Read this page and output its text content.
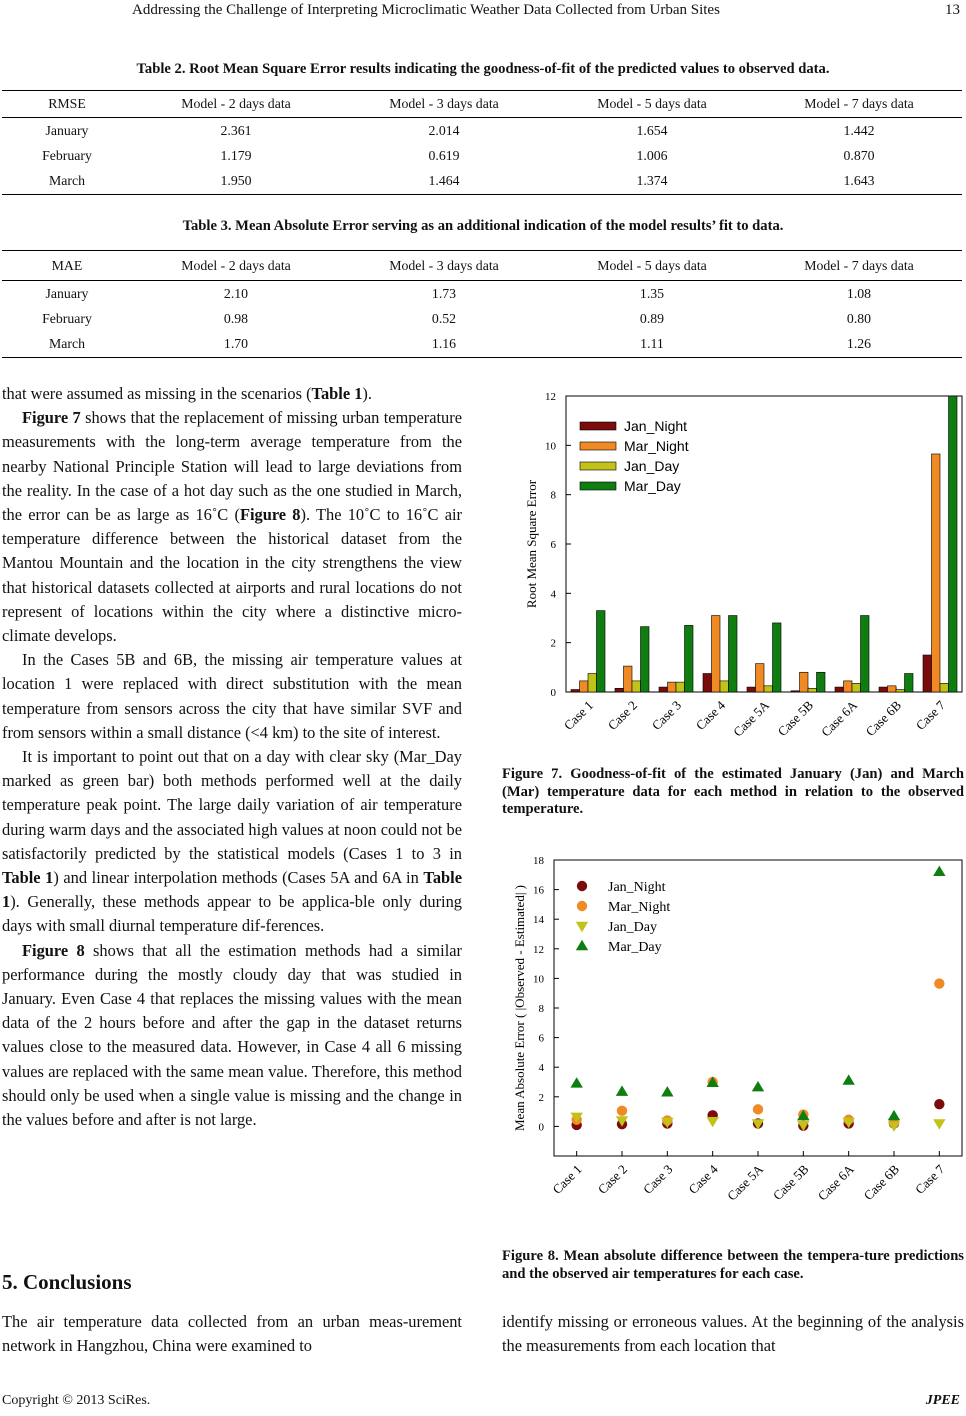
Addressing the Challenge of Interpreting Microclimatic Weather Data Collected from Urban Sites	13
Table 2. Root Mean Square Error results indicating the goodness-of-fit of the predicted values to observed data.
RMSE	Model - 2 days data	Model - 3 days data	Model - 5 days data	Model - 7 days data
January	2.361	2.014	1.654	1.442
February	1.179	0.619	1.006	0.870
March	1.950	1.464	1.374	1.643
Table 3. Mean Absolute Error serving as an additional indication of the model results’ fit to data.
MAE	Model - 2 days data	Model - 3 days data	Model - 5 days data	Model - 7 days data
January	2.10	1.73	1.35	1.08
February	0.98	0.52	0.89	0.80
March	1.70	1.16	1.11	1.26

that were assumed as missing in the scenarios (Table 1).

Figure 7 shows that the replacement of missing urban temperature measurements with the long-term average temperature from the nearby National Principle Station will lead to large deviations from the reality. In the case of a hot day such as the one studied in March, the error can be as large as 16˚C (Figure 8). The 10˚C to 16˚C air temperature difference between the historical dataset from the Mantou Mountain and the location in the city strengthens the view that historical datasets collected at airports and rural locations do not represent of locations within the city where a distinctive micro-climate develops.

In the Cases 5B and 6B, the missing air temperature values at location 1 were replaced with direct substitution with the mean temperature from sensors across the city that have similar SVF and from sensors within a small distance (<4 km) to the site of interest.

It is important to point out that on a day with clear sky (Mar_Day marked as green bar) both methods performed well at the daily temperature peak point. The large daily variation of air temperature during warm days and the associated high values at noon could not be satisfactorily predicted by the statistical models (Cases 1 to 3 in Table 1) and linear interpolation methods (Cases 5A and 6A in Table 1). Generally, these methods appear to be applica-ble only during days with small diurnal temperature dif-ferences.

Figure 8 shows that all the estimation methods had a similar performance during the mostly cloudy day that was studied in January. Even Case 4 that replaces the missing values with the mean data of the 2 hours before and after the gap in the dataset returns values close to the measured data. However, in Case 4 all 6 missing values are replaced with the same mean value. Therefore, this method should only be used when a single value is missing and the change in the values before and after is not large.

5. Conclusions

The air temperature data collected from an urban meas-urement network in Hangzhou, China were examined to

identify missing or erroneous values. At the beginning of the analysis the measurements from each location that

0
2
4
6
8
10
12
Case 1 Case 2 Case 3 Case 4 Case 5A Case 5B Case 6A Case 6B Case 7
Root Mean Square Error
Jan_Night
Mar_Night
Jan_Day
Mar_Day
Figure 7. Goodness-of-fit of the estimated January (Jan) and March (Mar) temperature data for each method in relation to the observed temperature.
0
2
4
6
8
10
12
14
16
18
Case 1 Case 2 Case 3 Case 4 Case 5A Case 5B Case 6A Case 6B Case 7
Mean Absolute Error ( |Observed - Estimated| )	Jan_Night
Mar_Night
Jan_Day
Mar_Day
Figure 8. Mean absolute difference between the tempera-ture predictions and the observed air temperatures for each case.
Copyright © 2013 SciRes.	JPEE
